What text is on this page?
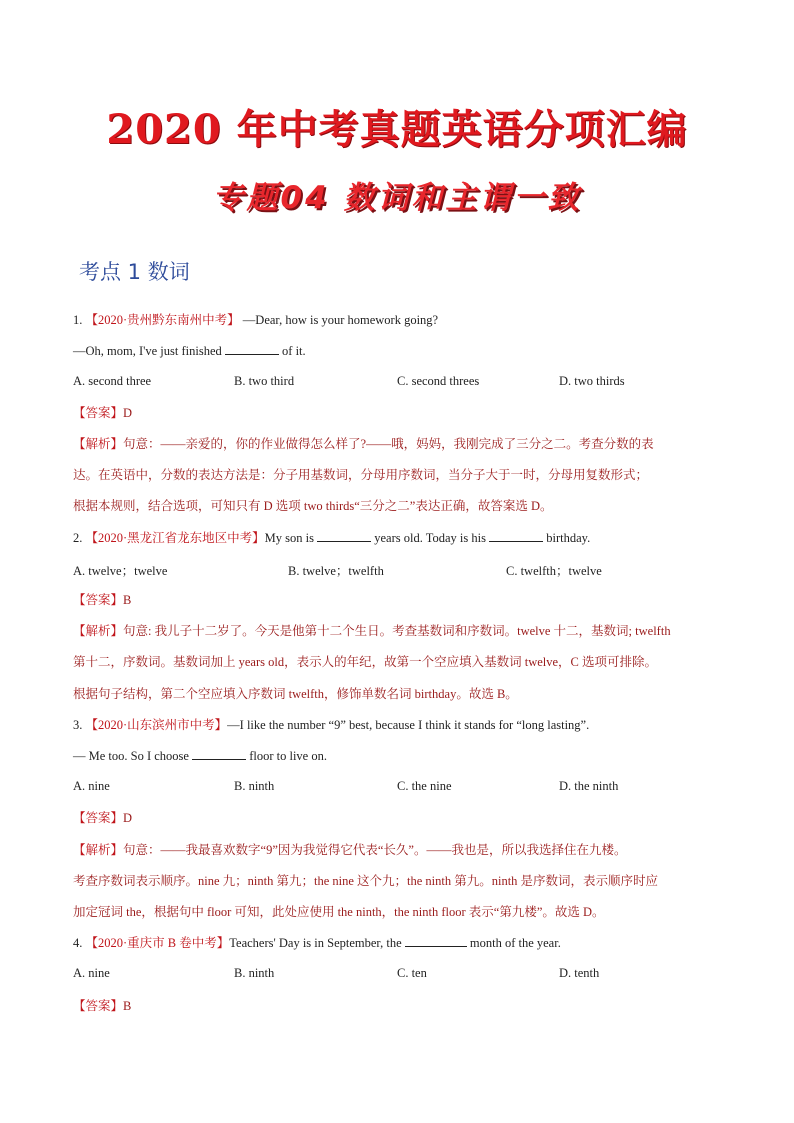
2020 年中考真题英语分项汇编
专题04 数词和主谓一致
考点 1 数词
1. 【2020·贵州黔东南州中考】 —Dear, how is your homework going?
—Oh, mom, I've just finished	of it.
A. second three	B. two third	C. second threes	D. two thirds
【答案】D
【解析】句意：——亲爱的，你的作业做得怎么样了?——哦，妈妈，我刚完成了三分之二。考查分数的表
达。在英语中，分数的表达方法是：分子用基数词，分母用序数词，当分子大于一时，分母用复数形式；
根据本规则，结合选项，可知只有 D 选项 two thirds“三分之二”表达正确，故答案选 D。
2. 【2020·黑龙江省龙东地区中考】My son is	years old. Today is his	birthday.
A. twelve；twelve	B. twelve；twelfth	C. twelfth；twelve
【答案】B
【解析】句意: 我儿子十二岁了。今天是他第十二个生日。考查基数词和序数词。twelve 十二，基数词; twelfth
第十二，序数词。基数词加上 years old，表示人的年纪，故第一个空应填入基数词 twelve，C 选项可排除。
根据句子结构，第二个空应填入序数词 twelfth，修饰单数名词 birthday。故选 B。
3. 【2020·山东滨州市中考】—I like the number “9” best, because I think it stands for “long lasting”.
— Me too. So I choose	floor to live on.
A. nine	B. ninth	C. the nine	D. the ninth
【答案】D
【解析】句意：——我最喜欢数字“9”因为我觉得它代表“长久”。——我也是，所以我选择住在九楼。
考查序数词表示顺序。nine 九；ninth 第九；the nine 这个九；the ninth 第九。ninth 是序数词，表示顺序时应
加定冠词 the，根据句中 floor 可知，此处应使用 the ninth，the ninth floor 表示“第九楼”。故选 D。
4. 【2020·重庆市 B 卷中考】Teachers' Day is in September, the	month of the year.
A. nine	B. ninth	C. ten	D. tenth
【答案】B
